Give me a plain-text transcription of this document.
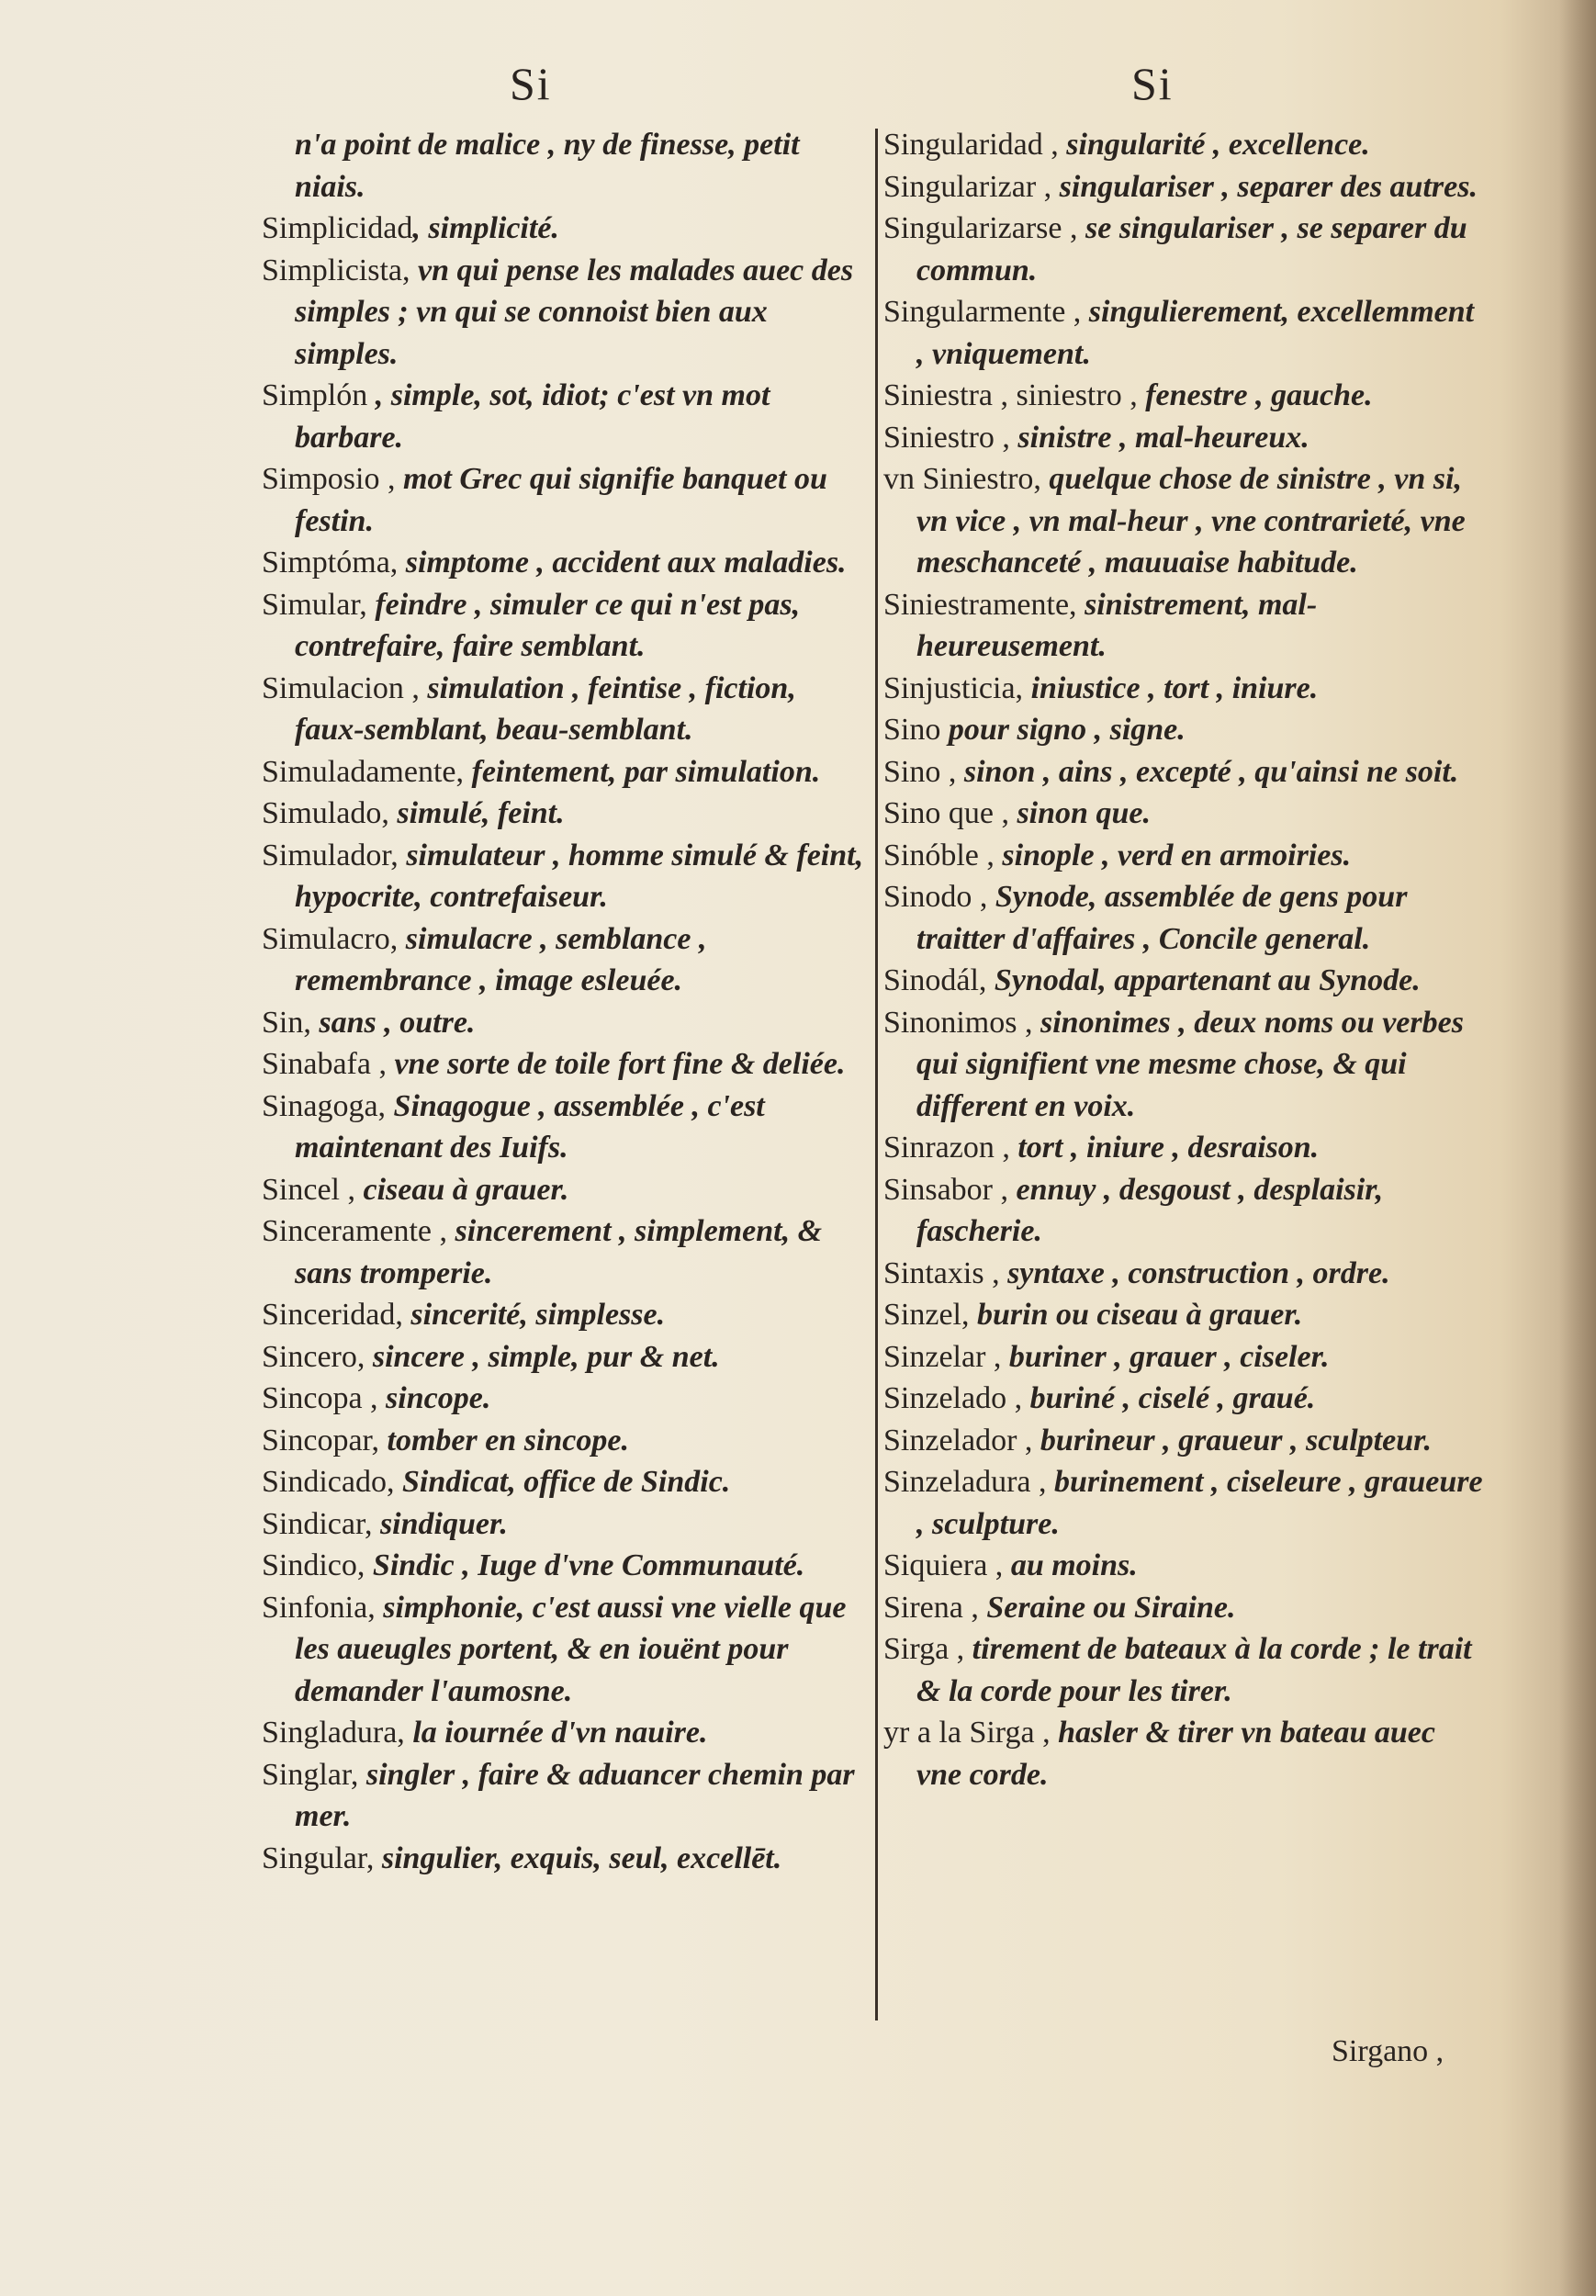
Si	Si

n'a point de malice , ny de finesse, petit niais.

Simplicidad, simplicité.

Simplicista, vn qui pense les malades auec des simples ; vn qui se connoist bien aux simples.

Simplón , simple, sot, idiot; c'est vn mot barbare.

Simposio , mot Grec qui signifie banquet ou festin.

Simptóma, simptome , accident aux maladies.

Simular, feindre , simuler ce qui n'est pas, contrefaire, faire semblant.

Simulacion , simulation , feintise , fiction, faux-semblant, beau-semblant.

Simuladamente, feintement, par simulation.

Simulado, simulé, feint.

Simulador, simulateur , homme simulé & feint, hypocrite, contrefaiseur.

Simulacro, simulacre , semblance , remembrance , image esleuée.

Sin, sans , outre.

Sinabafa , vne sorte de toile fort fine & deliée.

Sinagoga, Sinagogue , assemblée , c'est maintenant des Iuifs.

Sincel , ciseau à grauer.

Sinceramente , sincerement , simplement, & sans tromperie.

Sinceridad, sincerité, simplesse.

Sincero, sincere , simple, pur & net.

Sincopa , sincope.

Sincopar, tomber en sincope.

Sindicado, Sindicat, office de Sindic.

Sindicar, sindiquer.

Sindico, Sindic , Iuge d'vne Communauté.

Sinfonia, simphonie, c'est aussi vne vielle que les aueugles portent, & en iouënt pour demander l'aumosne.

Singladura, la iournée d'vn nauire.

Singlar, singler , faire & aduancer chemin par mer.

Singular, singulier, exquis, seul, excellēt.

Singularidad , singularité , excellence.

Singularizar , singulariser , separer des autres.

Singularizarse , se singulariser , se separer du commun.

Singularmente , singulierement, excellemment , vniquement.

Siniestra , siniestro , fenestre , gauche.

Siniestro , sinistre , mal-heureux.

vn Siniestro, quelque chose de sinistre , vn si, vn vice , vn mal-heur , vne contrarieté, vne meschanceté , mauuaise habitude.

Siniestramente, sinistrement, mal-heureusement.

Sinjusticia, iniustice , tort , iniure.

Sino pour signo , signe.

Sino , sinon , ains , excepté , qu'ainsi ne soit.

Sino que , sinon que.

Sinóble , sinople , verd en armoiries.

Sinodo , Synode, assemblée de gens pour traitter d'affaires , Concile general.

Sinodál, Synodal, appartenant au Synode.

Sinonimos , sinonimes , deux noms ou verbes qui signifient vne mesme chose, & qui different en voix.

Sinrazon , tort , iniure , desraison.

Sinsabor , ennuy , desgoust , desplaisir, fascherie.

Sintaxis , syntaxe , construction , ordre.

Sinzel, burin ou ciseau à grauer.

Sinzelar , buriner , grauer , ciseler.

Sinzelado , buriné , ciselé , graué.

Sinzelador , burineur , graueur , sculpteur.

Sinzeladura , burinement , ciseleure , graueure , sculpture.

Siquiera , au moins.

Sirena , Seraine ou Siraine.

Sirga , tirement de bateaux à la corde ; le trait & la corde pour les tirer.

yr a la Sirga , hasler & tirer vn bateau auec vne corde.

Sirgano ,
